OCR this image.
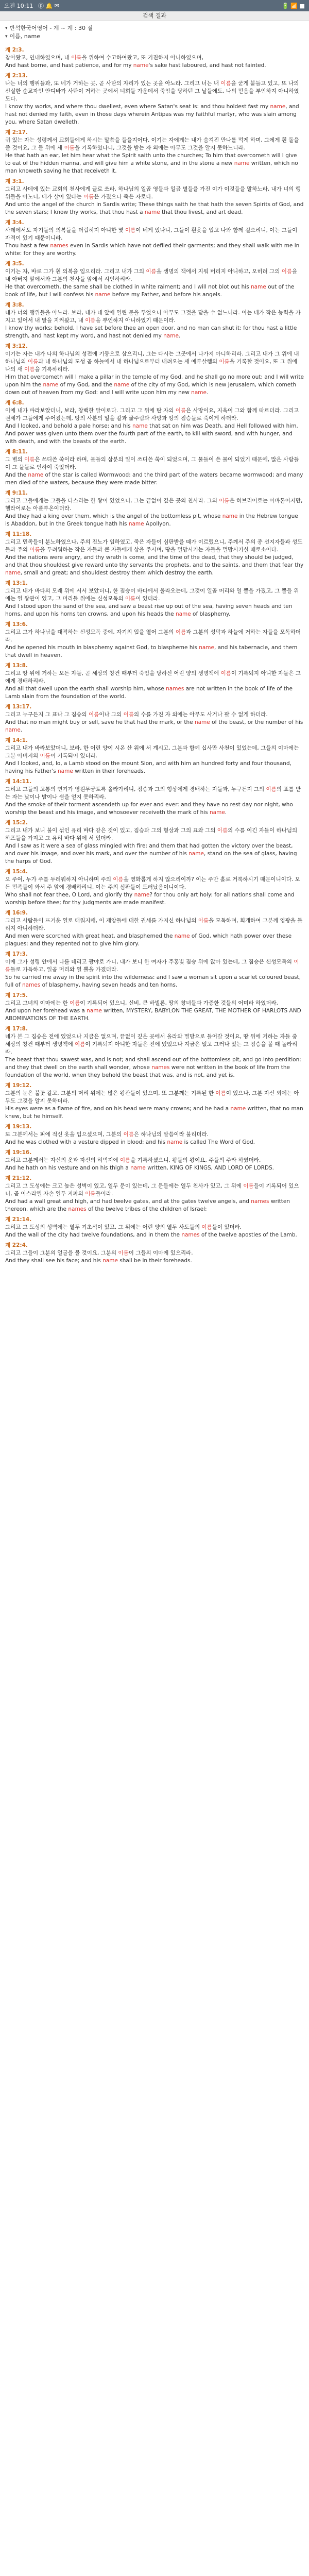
오전 10:11 ⓟ 🔔 ✉	🔋 📶 ■
검색 결과
▾ 반석한국어영어 - 계 ~ 계 : 30 절
▾ 이름, name
계 2:3.
참아왔고, 인내하였으며, 내 이름을 위하여 수고하여왔고, 또 기진하지 아니하였으며,
And hast borne, and hast patience, and for my name's sake hast laboured, and hast not fainted.
계 2:13.
나는 너의 행위들과, 또 네가 거하는 곳, 곧 사탄의 자리가 있는 곳을 아노라. 그리고 너는 내 이름을 굳게 붙들고 있고, 또 나의 신실한 순교자인 안디바가 사탄이 거하는 곳에서 너희들 가운데서 죽임을 당하던 그 날들에도, 나의 믿음을 부인하지 아니하였도다.
I know thy works, and where thou dwellest, even where Satan's seat is: and thou holdest fast my name, and hast not denied my faith, even in those days wherein Antipas was my faithful martyr, who was slain among you, where Satan dwelleth.
계 2:17.
귀 있는 자는 성령께서 교회들에게 하시는 말씀을 들을지어다. 이기는 자에게는 내가 숨겨진 만나를 먹게 하며, 그에게 흰 돌을 줄 것이요, 그 돌 위에 새 이름을 기록하였나니, 그것을 받는 자 외에는 아무도 그것을 알지 못하느니라.
He that hath an ear, let him hear what the Spirit saith unto the churches; To him that overcometh will I give to eat of the hidden manna, and will give him a white stone, and in the stone a new name written, which no man knoweth saving he that receiveth it.
계 3:1.
그리고 사데에 있는 교회의 천사에게 글로 쓰라. 하나님의 일곱 영들과 일곱 별들을 가진 이가 이것들을 말하노라. 내가 너의 행위들을 아노니, 네가 살아 있다는 이름은 가졌으나 죽은 자로다.
And unto the angel of the church in Sardis write; These things saith he that hath the seven Spirits of God, and the seven stars; I know thy works, that thou hast a name that thou livest, and art dead.
계 3:4.
사데에서도 자기들의 의복들을 더럽히지 아니한 몇 이름이 네게 있나니, 그들이 흰옷을 입고 나와 함께 걸으리니, 이는 그들이 자격이 있기 때문이니라.
Thou hast a few names even in Sardis which have not defiled their garments; and they shall walk with me in white: for they are worthy.
계 3:5.
이기는 자, 바로 그가 흰 의복을 입으리라. 그리고 내가 그의 이름을 생명의 책에서 지워 버리지 아니하고, 오히려 그의 이름을 내 아버지 앞에서와 그분의 천사들 앞에서 시인하리라.
He that overcometh, the same shall be clothed in white raiment; and I will not blot out his name out of the book of life, but I will confess his name before my Father, and before his angels.
계 3:8.
내가 너의 행위들을 아노라. 보라, 내가 네 앞에 열린 문을 두었으니 아무도 그것을 닫을 수 없느니라. 이는 네가 작은 능력을 가지고 있어서 내 말을 지켜왔고, 내 이름을 부인하지 아니하였기 때문이라.
I know thy works: behold, I have set before thee an open door, and no man can shut it: for thou hast a little strength, and hast kept my word, and hast not denied my name.
계 3:12.
이기는 자는 내가 나의 하나님의 성전에 기둥으로 삼으리니, 그는 다시는 그곳에서 나가지 아니하리라. 그리고 내가 그 위에 내 하나님의 이름과 내 하나님의 도성 곧 하늘에서 내 하나님으로부터 내려오는 새 예루살렘의 이름을 기록할 것이요, 또 그 위에 나의 새 이름을 기록하리라.
Him that overcometh will I make a pillar in the temple of my God, and he shall go no more out: and I will write upon him the name of my God, and the name of the city of my God, which is new Jerusalem, which cometh down out of heaven from my God: and I will write upon him my new name.
계 6:8.
이에 내가 바라보았더니, 보라, 창백한 말이로다. 그리고 그 위에 탄 자의 이름은 사망이요, 지옥이 그와 함께 따르더라. 그리고 권세가 그들에게 주어졌는데, 땅의 사분의 일을 칼과 굶주림과 사망과 땅의 짐승들로 죽이게 하더라.
And I looked, and behold a pale horse: and his name that sat on him was Death, and Hell followed with him. And power was given unto them over the fourth part of the earth, to kill with sword, and with hunger, and with death, and with the beasts of the earth.
계 8:11.
그 별의 이름은 쓰디쓴 쑥이라 하며, 물들의 삼분의 일이 쓰디쓴 쑥이 되었으며, 그 물들이 쓴 물이 되었기 때문에, 많은 사람들이 그 물들로 인하여 죽었더라.
And the name of the star is called Wormwood: and the third part of the waters became wormwood; and many men died of the waters, because they were made bitter.
계 9:11.
그리고 그들에게는 그들을 다스리는 한 왕이 있었으니, 그는 끝없이 깊은 곳의 천사라. 그의 이름은 히브리어로는 아바돈이지만, 헬라어로는 아폴루온이더라.
And they had a king over them, which is the angel of the bottomless pit, whose name in the Hebrew tongue is Abaddon, but in the Greek tongue hath his name Apollyon.
계 11:18.
그리고 민족들이 분노하였으나, 주의 진노가 임하였고, 죽은 자들이 심판받을 때가 이르렀으니, 주께서 주의 종 선지자들과 성도들과 주의 이름을 두려워하는 작은 자들과 큰 자들에게 상을 주시며, 땅을 멸망시키는 자들을 멸망시키실 때로소이다.
And the nations were angry, and thy wrath is come, and the time of the dead, that they should be judged, and that thou shouldest give reward unto thy servants the prophets, and to the saints, and them that fear thy name, small and great; and shouldest destroy them which destroy the earth.
계 13:1.
그리고 내가 바다의 모래 위에 서서 보았더니, 한 짐승이 바다에서 올라오는데, 그것이 일곱 머리와 열 뿔을 가졌고, 그 뿔들 위에는 열 왕관이 있고, 그 머리들 위에는 신성모독의 이름이 있더라.
And I stood upon the sand of the sea, and saw a beast rise up out of the sea, having seven heads and ten horns, and upon his horns ten crowns, and upon his heads the name of blasphemy.
계 13:6.
그리고 그가 하나님을 대적하는 신성모독 중에, 자기의 입을 열어 그분의 이름과 그분의 성막과 하늘에 거하는 자들을 모독하더라.
And he opened his mouth in blasphemy against God, to blaspheme his name, and his tabernacle, and them that dwell in heaven.
계 13:8.
그리고 땅 위에 거하는 모든 자들, 곧 세상의 창건 때부터 죽임을 당하신 어린 양의 생명책에 이름이 기록되지 아니한 자들은 그에게 경배하리라.
And all that dwell upon the earth shall worship him, whose names are not written in the book of life of the Lamb slain from the foundation of the world.
계 13:17.
그리고 누구든지 그 표나 그 짐승의 이름이나 그의 이름의 수를 가진 자 외에는 아무도 사거나 팔 수 없게 하더라.
And that no man might buy or sell, save he that had the mark, or the name of the beast, or the number of his name.
계 14:1.
그리고 내가 바라보았더니, 보라, 한 어린 양이 시온 산 위에 서 계시고, 그분과 함께 십사만 사천이 있었는데, 그들의 이마에는 그분 아버지의 이름이 기록되어 있더라.
And I looked, and, lo, a Lamb stood on the mount Sion, and with him an hundred forty and four thousand, having his Father's name written in their foreheads.
계 14:11.
그리고 그들의 고통의 연기가 영원무궁토록 올라가리니, 짐승과 그의 형상에게 경배하는 자들과, 누구든지 그의 이름의 표를 받는 자는 낮이나 밤이나 쉼을 얻지 못하리라.
And the smoke of their torment ascendeth up for ever and ever: and they have no rest day nor night, who worship the beast and his image, and whosoever receiveth the mark of his name.
계 15:2.
그리고 내가 보니 불이 섞인 유리 바다 같은 것이 있고, 짐승과 그의 형상과 그의 표와 그의 이름의 수를 이긴 자들이 하나님의 하프들을 가지고 그 유리 바다 위에 서 있더라.
And I saw as it were a sea of glass mingled with fire: and them that had gotten the victory over the beast, and over his image, and over his mark, and over the number of his name, stand on the sea of glass, having the harps of God.
계 15:4.
오 주여, 누가 주를 두려워하지 아니하며 주의 이름을 영화롭게 하지 않으리이까? 이는 주만 홀로 거룩하시기 때문이니이다. 모든 민족들이 와서 주 앞에 경배하리니, 이는 주의 심판들이 드러났음이니이다.
Who shall not fear thee, O Lord, and glorify thy name? for thou only art holy: for all nations shall come and worship before thee; for thy judgments are made manifest.
계 16:9.
그리고 사람들이 뜨거운 열로 태워지매, 이 재앙들에 대한 권세를 가지신 하나님의 이름을 모독하며, 회개하여 그분께 영광을 돌리지 아니하더라.
And men were scorched with great heat, and blasphemed the name of God, which hath power over these plagues: and they repented not to give him glory.
계 17:3.
이에 그가 성령 안에서 나를 데리고 광야로 가니, 내가 보니 한 여자가 주홍빛 짐승 위에 앉아 있는데, 그 짐승은 신성모독의 이름들로 가득하고, 일곱 머리와 열 뿔을 가졌더라.
So he carried me away in the spirit into the wilderness: and I saw a woman sit upon a scarlet coloured beast, full of names of blasphemy, having seven heads and ten horns.
계 17:5.
그리고 그녀의 이마에는 한 이름이 기록되어 있으니, 신비, 큰 바빌론, 땅의 창녀들과 가증한 것들의 어미라 하였더라.
And upon her forehead was a name written, MYSTERY, BABYLON THE GREAT, THE MOTHER OF HARLOTS AND ABOMINATIONS OF THE EARTH.
계 17:8.
네가 본 그 짐승은 전에 있었으나 지금은 없으며, 끝없이 깊은 곳에서 올라와 멸망으로 들어갈 것이요, 땅 위에 거하는 자들 중 세상의 창건 때부터 생명책에 이름이 기록되지 아니한 자들은 전에 있었으나 지금은 없고 그러나 있는 그 짐승을 볼 때 놀라리라.
The beast that thou sawest was, and is not; and shall ascend out of the bottomless pit, and go into perdition: and they that dwell on the earth shall wonder, whose names were not written in the book of life from the foundation of the world, when they behold the beast that was, and is not, and yet is.
계 19:12.
그분의 눈은 불꽃 같고, 그분의 머리 위에는 많은 왕관들이 있으며, 또 그분께는 기록된 한 이름이 있으나, 그분 자신 외에는 아무도 그것을 알지 못하더라.
His eyes were as a flame of fire, and on his head were many crowns; and he had a name written, that no man knew, but he himself.
계 19:13.
또 그분께서는 피에 적신 옷을 입으셨으며, 그분의 이름은 하나님의 말씀이라 불리더라.
And he was clothed with a vesture dipped in blood: and his name is called The Word of God.
계 19:16.
그리고 그분께서는 자신의 옷과 자신의 허벅지에 이름을 기록하셨으니, 왕들의 왕이요, 주들의 주라 하였더라.
And he hath on his vesture and on his thigh a name written, KING OF KINGS, AND LORD OF LORDS.
계 21:12.
그리고 그 도성에는 크고 높은 성벽이 있고, 열두 문이 있는데, 그 문들에는 열두 천사가 있고, 그 위에 이름들이 기록되어 있으니, 곧 이스라엘 자손 열두 지파의 이름들이라.
And had a wall great and high, and had twelve gates, and at the gates twelve angels, and names written thereon, which are the names of the twelve tribes of the children of Israel:
계 21:14.
그리고 그 도성의 성벽에는 열두 기초석이 있고, 그 위에는 어린 양의 열두 사도들의 이름들이 있더라.
And the wall of the city had twelve foundations, and in them the names of the twelve apostles of the Lamb.
계 22:4.
그리고 그들이 그분의 얼굴을 볼 것이요, 그분의 이름이 그들의 이마에 있으리라.
And they shall see his face; and his name shall be in their foreheads.
